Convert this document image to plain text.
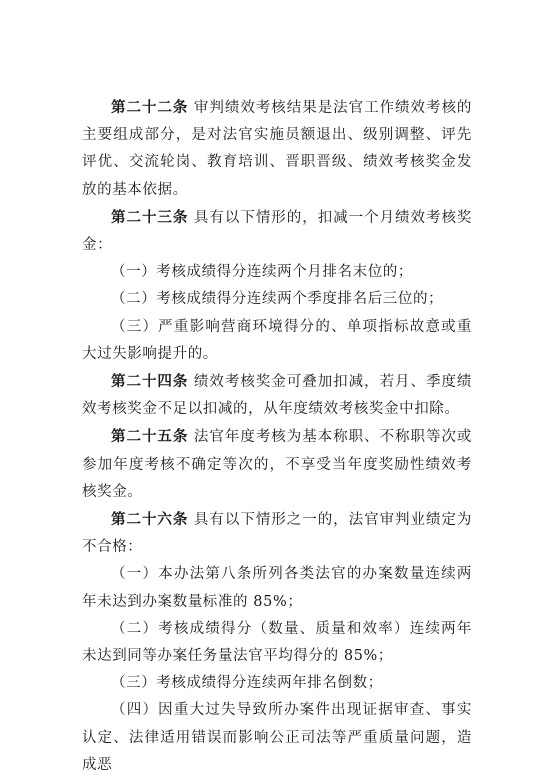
第二十二条 审判绩效考核结果是法官工作绩效考核的主要组成部分，是对法官实施员额退出、级别调整、评先评优、交流轮岗、教育培训、晋职晋级、绩效考核奖金发放的基本依据。

第二十三条 具有以下情形的，扣减一个月绩效考核奖金：

（一）考核成绩得分连续两个月排名末位的；

（二）考核成绩得分连续两个季度排名后三位的；

（三）严重影响营商环境得分的、单项指标故意或重大过失影响提升的。

第二十四条 绩效考核奖金可叠加扣减，若月、季度绩效考核奖金不足以扣减的，从年度绩效考核奖金中扣除。

第二十五条 法官年度考核为基本称职、不称职等次或参加年度考核不确定等次的，不享受当年度奖励性绩效考核奖金。

第二十六条 具有以下情形之一的，法官审判业绩定为不合格：

（一）本办法第八条所列各类法官的办案数量连续两年未达到办案数量标准的 85%；

（二）考核成绩得分（数量、质量和效率）连续两年未达到同等办案任务量法官平均得分的 85%；

（三）考核成绩得分连续两年排名倒数；

（四）因重大过失导致所办案件出现证据审查、事实认定、法律适用错误而影响公正司法等严重质量问题，造成恶
